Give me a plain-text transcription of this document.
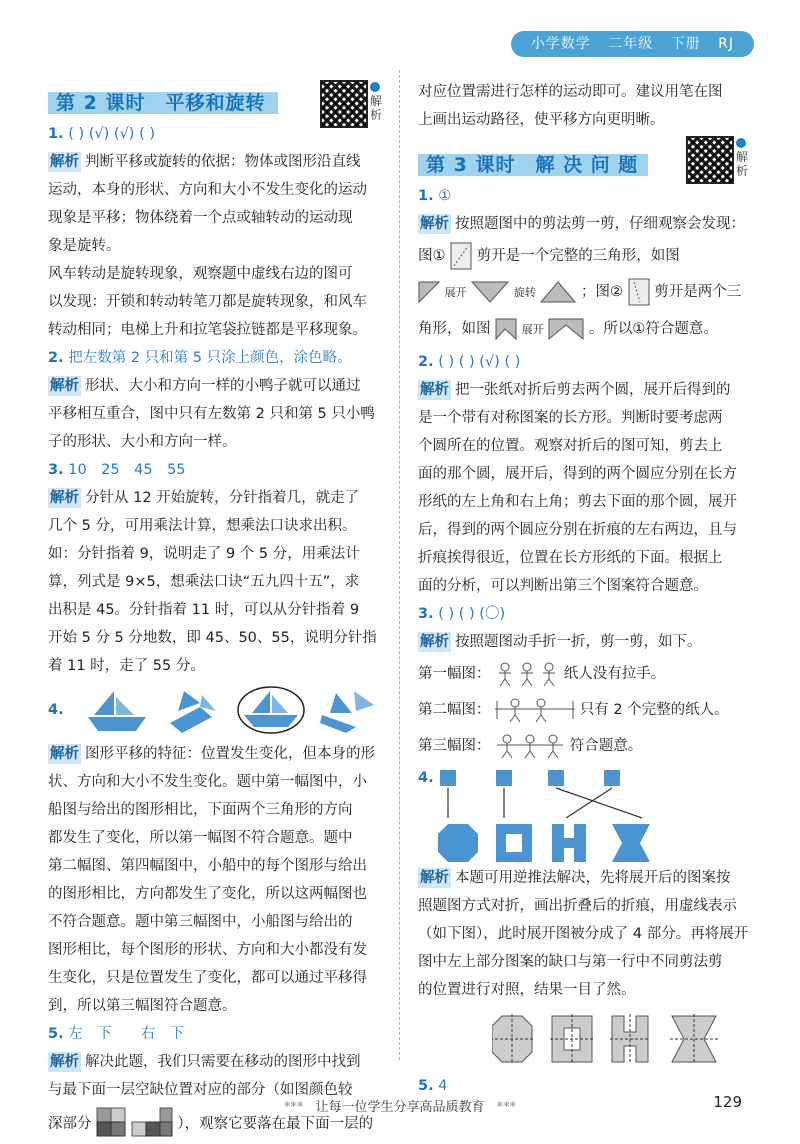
小学数学 二年级 下册 RJ
第 2 课时　平移和旋转	解析

1. ( ) (√) (√) ( )

解析 判断平移或旋转的依据：物体或图形沿直线

运动，本身的形状、方向和大小不发生变化的运动

现象是平移；物体绕着一个点或轴转动的运动现

象是旋转。

风车转动是旋转现象，观察题中虚线右边的图可

以发现：开锁和转动转笔刀都是旋转现象，和风车

转动相同；电梯上升和拉笔袋拉链都是平移现象。

2. 把左数第 2 只和第 5 只涂上颜色，涂色略。

解析 形状、大小和方向一样的小鸭子就可以通过

平移相互重合，图中只有左数第 2 只和第 5 只小鸭

子的形状、大小和方向一样。

3. 10　25　45　55

解析 分针从 12 开始旋转，分针指着几，就走了

几个 5 分，可用乘法计算，想乘法口诀求出积。

如：分针指着 9，说明走了 9 个 5 分，用乘法计

算，列式是 9×5，想乘法口诀“五九四十五”，求

出积是 45。分针指着 11 时，可以从分针指着 9

开始 5 分 5 分地数，即 45、50、55，说明分针指

着 11 时，走了 55 分。

4.

解析 图形平移的特征：位置发生变化，但本身的形

状、方向和大小不发生变化。题中第一幅图中，小

船图与给出的图形相比，下面两个三角形的方向

都发生了变化，所以第一幅图不符合题意。题中

第二幅图、第四幅图中，小船中的每个图形与给出

的图形相比，方向都发生了变化，所以这两幅图也

不符合题意。题中第三幅图中，小船图与给出的

图形相比，每个图形的形状、方向和大小都没有发

生变化，只是位置发生了变化，都可以通过平移得

到，所以第三幅图符合题意。

5. 左　下　　右　下

解析 解决此题，我们只需要在移动的图形中找到

与最下面一层空缺位置对应的部分（如图颜色较

深部分	），观察它要落在最下面一层的

对应位置需进行怎样的运动即可。建议用笔在图

上画出运动路径，使平移方向更明晰。

第 3 课时　解 决 问 题	解析

1. ①

解析 按照题图中的剪法剪一剪，仔细观察会发现：

图① 剪开是一个完整的三角形，如图

展开	旋转	；图② 剪开是两个三

角形，如图	展开	。所以①符合题意。

2. ( ) ( ) (√) ( )

解析 把一张纸对折后剪去两个圆，展开后得到的

是一个带有对称图案的长方形。判断时要考虑两

个圆所在的位置。观察对折后的图可知，剪去上

面的那个圆，展开后，得到的两个圆应分别在长方

形纸的左上角和右上角；剪去下面的那个圆，展开

后，得到的两个圆应分别在折痕的左右两边，且与

折痕挨得很近，位置在长方形纸的下面。根据上

面的分析，可以判断出第三个图案符合题意。

3. ( ) ( ) (〇)

解析 按照题图动手折一折，剪一剪，如下。

第一幅图：	纸人没有拉手。

第二幅图：	只有 2 个完整的纸人。

第三幅图：	符合题意。

4.

解析 本题可用逆推法解决，先将展开后的图案按

照题图方式对折，画出折叠后的折痕，用虚线表示

（如下图），此时展开图被分成了 4 部分。再将展开

图中左上部分图案的缺口与第一行中不同剪法剪

的位置进行对照，结果一目了然。

5. 4

*** 让每一位学生分享高品质教育 ***	129
